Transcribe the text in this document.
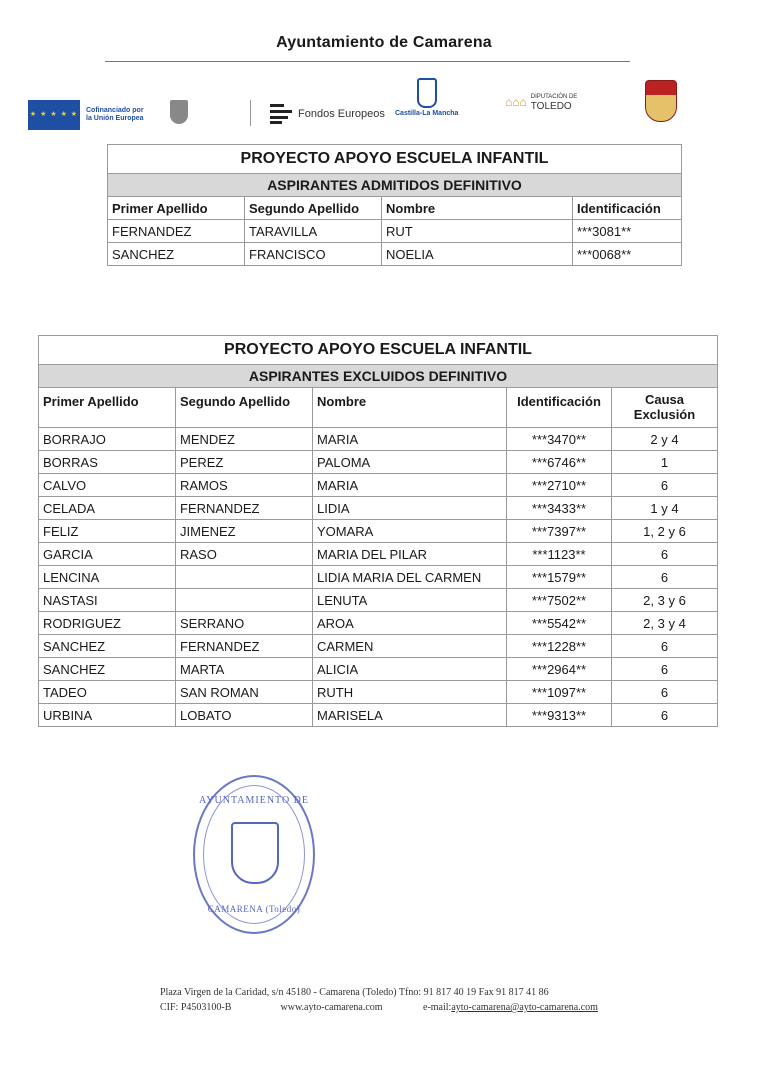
Ayuntamiento de Camarena
★ ★ ★ ★ ★
Cofinanciado por
la Unión Europea
	Fondos Europeos Castilla-La Mancha
⌂⌂⌂ DIPUTACIÓN DE
TOLEDO
PROYECTO APOYO ESCUELA INFANTIL			
ASPIRANTES ADMITIDOS DEFINITIVO			
Primer Apellido	Segundo Apellido	Nombre	Identificación
FERNANDEZ	TARAVILLA	RUT	***3081**
SANCHEZ	FRANCISCO	NOELIA	***0068**
PROYECTO APOYO ESCUELA INFANTIL				
ASPIRANTES EXCLUIDOS DEFINITIVO				
Primer Apellido	Segundo Apellido	Nombre	Identificación	Causa Exclusión
BORRAJO	MENDEZ	MARIA	***3470**	2 y 4
BORRAS	PEREZ	PALOMA	***6746**	1
CALVO	RAMOS	MARIA	***2710**	6
CELADA	FERNANDEZ	LIDIA	***3433**	1 y 4
FELIZ	JIMENEZ	YOMARA	***7397**	1, 2 y 6
GARCIA	RASO	MARIA DEL PILAR	***1123**	6
LENCINA		LIDIA MARIA DEL CARMEN	***1579**	6
NASTASI		LENUTA	***7502**	2, 3 y 6
RODRIGUEZ	SERRANO	AROA	***5542**	2, 3 y 4
SANCHEZ	FERNANDEZ	CARMEN	***1228**	6
SANCHEZ	MARTA	ALICIA	***2964**	6
TADEO	SAN ROMAN	RUTH	***1097**	6
URBINA	LOBATO	MARISELA	***9313**	6
AYUNTAMIENTO DE
CAMARENA (Toledo)
Plaza Virgen de la Caridad, s/n 45180 - Camarena (Toledo) Tfno: 91 817 40 19 Fax 91 817 41 86
CIF: P4503100-B	www.ayto-camarena.com	e-mail:ayto-camarena@ayto-camarena.com
